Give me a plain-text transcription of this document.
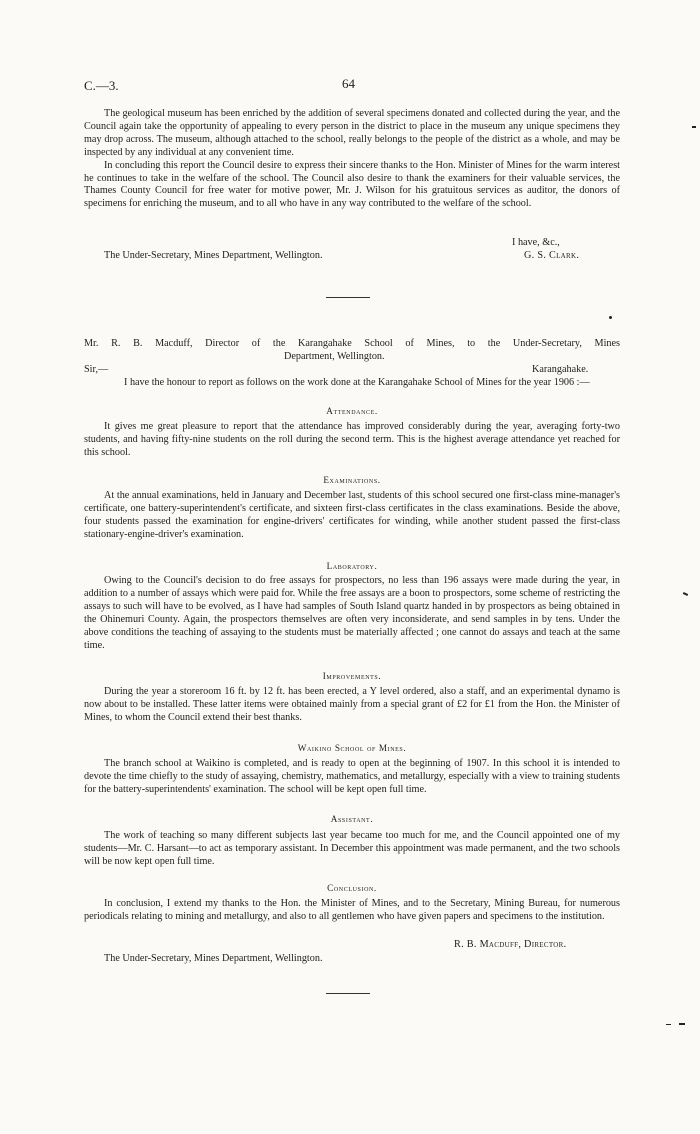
C.—3.	64

The geological museum has been enriched by the addition of several specimens donated and collected during the year, and the Council again take the opportunity of appealing to every person in the district to place in the museum any unique specimens they may drop across. The museum, although attached to the school, really belongs to the people of the district as a whole, and may be inspected by any individual at any convenient time.

In concluding this report the Council desire to express their sincere thanks to the Hon. Minister of Mines for the warm interest he continues to take in the welfare of the school. The Council also desire to thank the examiners for their valuable services, the Thames County Council for free water for motive power, Mr. J. Wilson for his gratuitous services as auditor, the donors of specimens for enriching the museum, and to all who have in any way contributed to the welfare of the school.

I have, &c.,
The Under-Secretary, Mines Department, Wellington.	G. S. Clark.
Mr. R. B. Macduff, Director of the Karangahake School of Mines, to the Under-Secretary, Mines
Department, Wellington.
Sir,—	Karangahake.

I have the honour to report as follows on the work done at the Karangahake School of Mines for the year 1906 :—

Attendance.

It gives me great pleasure to report that the attendance has improved considerably during the year, averaging forty-two students, and having fifty-nine students on the roll during the second term. This is the highest average attendance yet reached for this school.

Examinations.

At the annual examinations, held in January and December last, students of this school secured one first-class mine-manager's certificate, one battery-superintendent's certificate, and sixteen first-class certificates in the class examinations. Beside the above, four students passed the examination for engine-drivers' certificates for winding, while another student passed the first-class stationary-engine-driver's examination.

Laboratory.

Owing to the Council's decision to do free assays for prospectors, no less than 196 assays were made during the year, in addition to a number of assays which were paid for. While the free assays are a boon to prospectors, some scheme of restricting the assays to such will have to be evolved, as I have had samples of South Island quartz handed in by prospectors as being obtained in the Ohinemuri County. Again, the prospectors themselves are often very inconsiderate, and send samples in by tens. Under the above conditions the teaching of assaying to the students must be materially affected ; one cannot do assays and teach at the same time.

Improvements.

During the year a storeroom 16 ft. by 12 ft. has been erected, a Y level ordered, also a staff, and an experimental dynamo is now about to be installed. These latter items were obtained mainly from a special grant of £2 for £1 from the Hon. the Minister of Mines, to whom the Council extend their best thanks.

Waikino School of Mines.

The branch school at Waikino is completed, and is ready to open at the beginning of 1907. In this school it is intended to devote the time chiefly to the study of assaying, chemistry, mathematics, and metallurgy, especially with a view to training students for the battery-superintendents' examination. The school will be kept open full time.

Assistant.

The work of teaching so many different subjects last year became too much for me, and the Council appointed one of my students—Mr. C. Harsant—to act as temporary assistant. In December this appointment was made permanent, and the two schools will be now kept open full time.

Conclusion.

In conclusion, I extend my thanks to the Hon. the Minister of Mines, and to the Secretary, Mining Bureau, for numerous periodicals relating to mining and metallurgy, and also to all gentlemen who have given papers and specimens to the institution.

R. B. Macduff, Director.
The Under-Secretary, Mines Department, Wellington.
